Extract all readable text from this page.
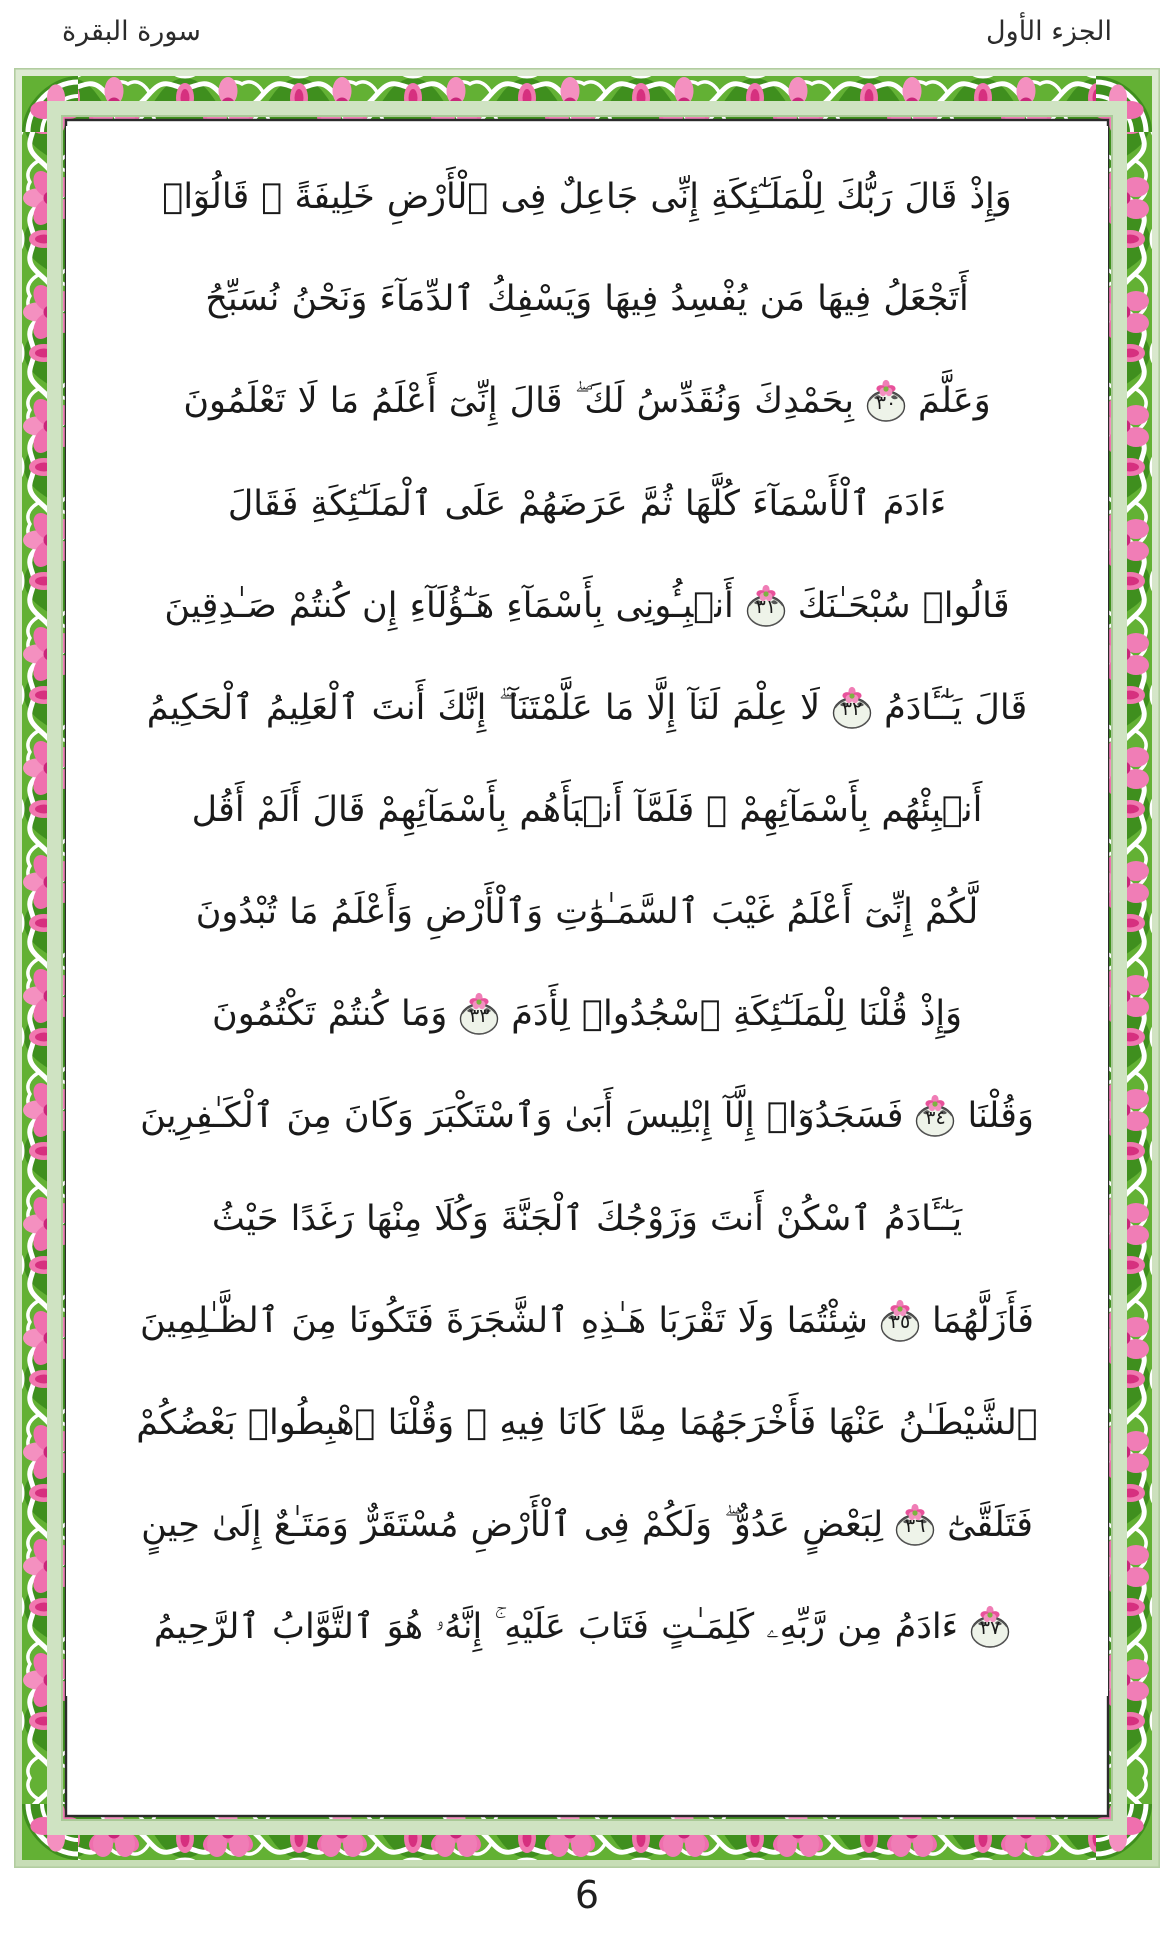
سورة البقرة	الجزء الأول
وَإِذْ قَالَ رَبُّكَ لِلْمَلَـٰٓئِكَةِ إِنِّى جَاعِلٌ فِى ٱلْأَرْضِ خَلِيفَةً ۖ قَالُوٓا۟
أَتَجْعَلُ فِيهَا مَن يُفْسِدُ فِيهَا وَيَسْفِكُ ٱلدِّمَآءَ وَنَحْنُ نُسَبِّحُ
وَعَلَّمَ
٣٠
بِحَمْدِكَ وَنُقَدِّسُ لَكَ ۖ قَالَ إِنِّىٓ أَعْلَمُ مَا لَا تَعْلَمُونَ
ءَادَمَ ٱلْأَسْمَآءَ كُلَّهَا ثُمَّ عَرَضَهُمْ عَلَى ٱلْمَلَـٰٓئِكَةِ فَقَالَ
قَالُوا۟ سُبْحَـٰنَكَ
٣١
أَنۢبِـُٔونِى بِأَسْمَآءِ هَـٰٓؤُلَآءِ إِن كُنتُمْ صَـٰدِقِينَ
قَالَ يَـٰٓـَٔادَمُ
٣٢
لَا عِلْمَ لَنَآ إِلَّا مَا عَلَّمْتَنَآ ۖ إِنَّكَ أَنتَ ٱلْعَلِيمُ ٱلْحَكِيمُ
أَنۢبِئْهُم بِأَسْمَآئِهِمْ ۖ فَلَمَّآ أَنۢبَأَهُم بِأَسْمَآئِهِمْ قَالَ أَلَمْ أَقُل
لَّكُمْ إِنِّىٓ أَعْلَمُ غَيْبَ ٱلسَّمَـٰوَٰتِ وَٱلْأَرْضِ وَأَعْلَمُ مَا تُبْدُونَ
وَإِذْ قُلْنَا لِلْمَلَـٰٓئِكَةِ ٱسْجُدُوا۟ لِأَدَمَ
٣٣
وَمَا كُنتُمْ تَكْتُمُونَ
وَقُلْنَا
٣٤
فَسَجَدُوٓا۟ إِلَّآ إِبْلِيسَ أَبَىٰ وَٱسْتَكْبَرَ وَكَانَ مِنَ ٱلْكَـٰفِرِينَ
يَـٰٓـَٔادَمُ ٱسْكُنْ أَنتَ وَزَوْجُكَ ٱلْجَنَّةَ وَكُلَا مِنْهَا رَغَدًا حَيْثُ
فَأَزَلَّهُمَا
٣٥
شِئْتُمَا وَلَا تَقْرَبَا هَـٰذِهِ ٱلشَّجَرَةَ فَتَكُونَا مِنَ ٱلظَّـٰلِمِينَ
ٱلشَّيْطَـٰنُ عَنْهَا فَأَخْرَجَهُمَا مِمَّا كَانَا فِيهِ ۖ وَقُلْنَا ٱهْبِطُوا۟ بَعْضُكُمْ
فَتَلَقَّىٰٓ
٣٦
لِبَعْضٍ عَدُوٌّ ۖ وَلَكُمْ فِى ٱلْأَرْضِ مُسْتَقَرٌّ وَمَتَـٰعٌ إِلَىٰ حِينٍ
٣٧
ءَادَمُ مِن رَّبِّهِۦ كَلِمَـٰتٍ فَتَابَ عَلَيْهِ ۚ إِنَّهُۥ هُوَ ٱلتَّوَّابُ ٱلرَّحِيمُ
6
